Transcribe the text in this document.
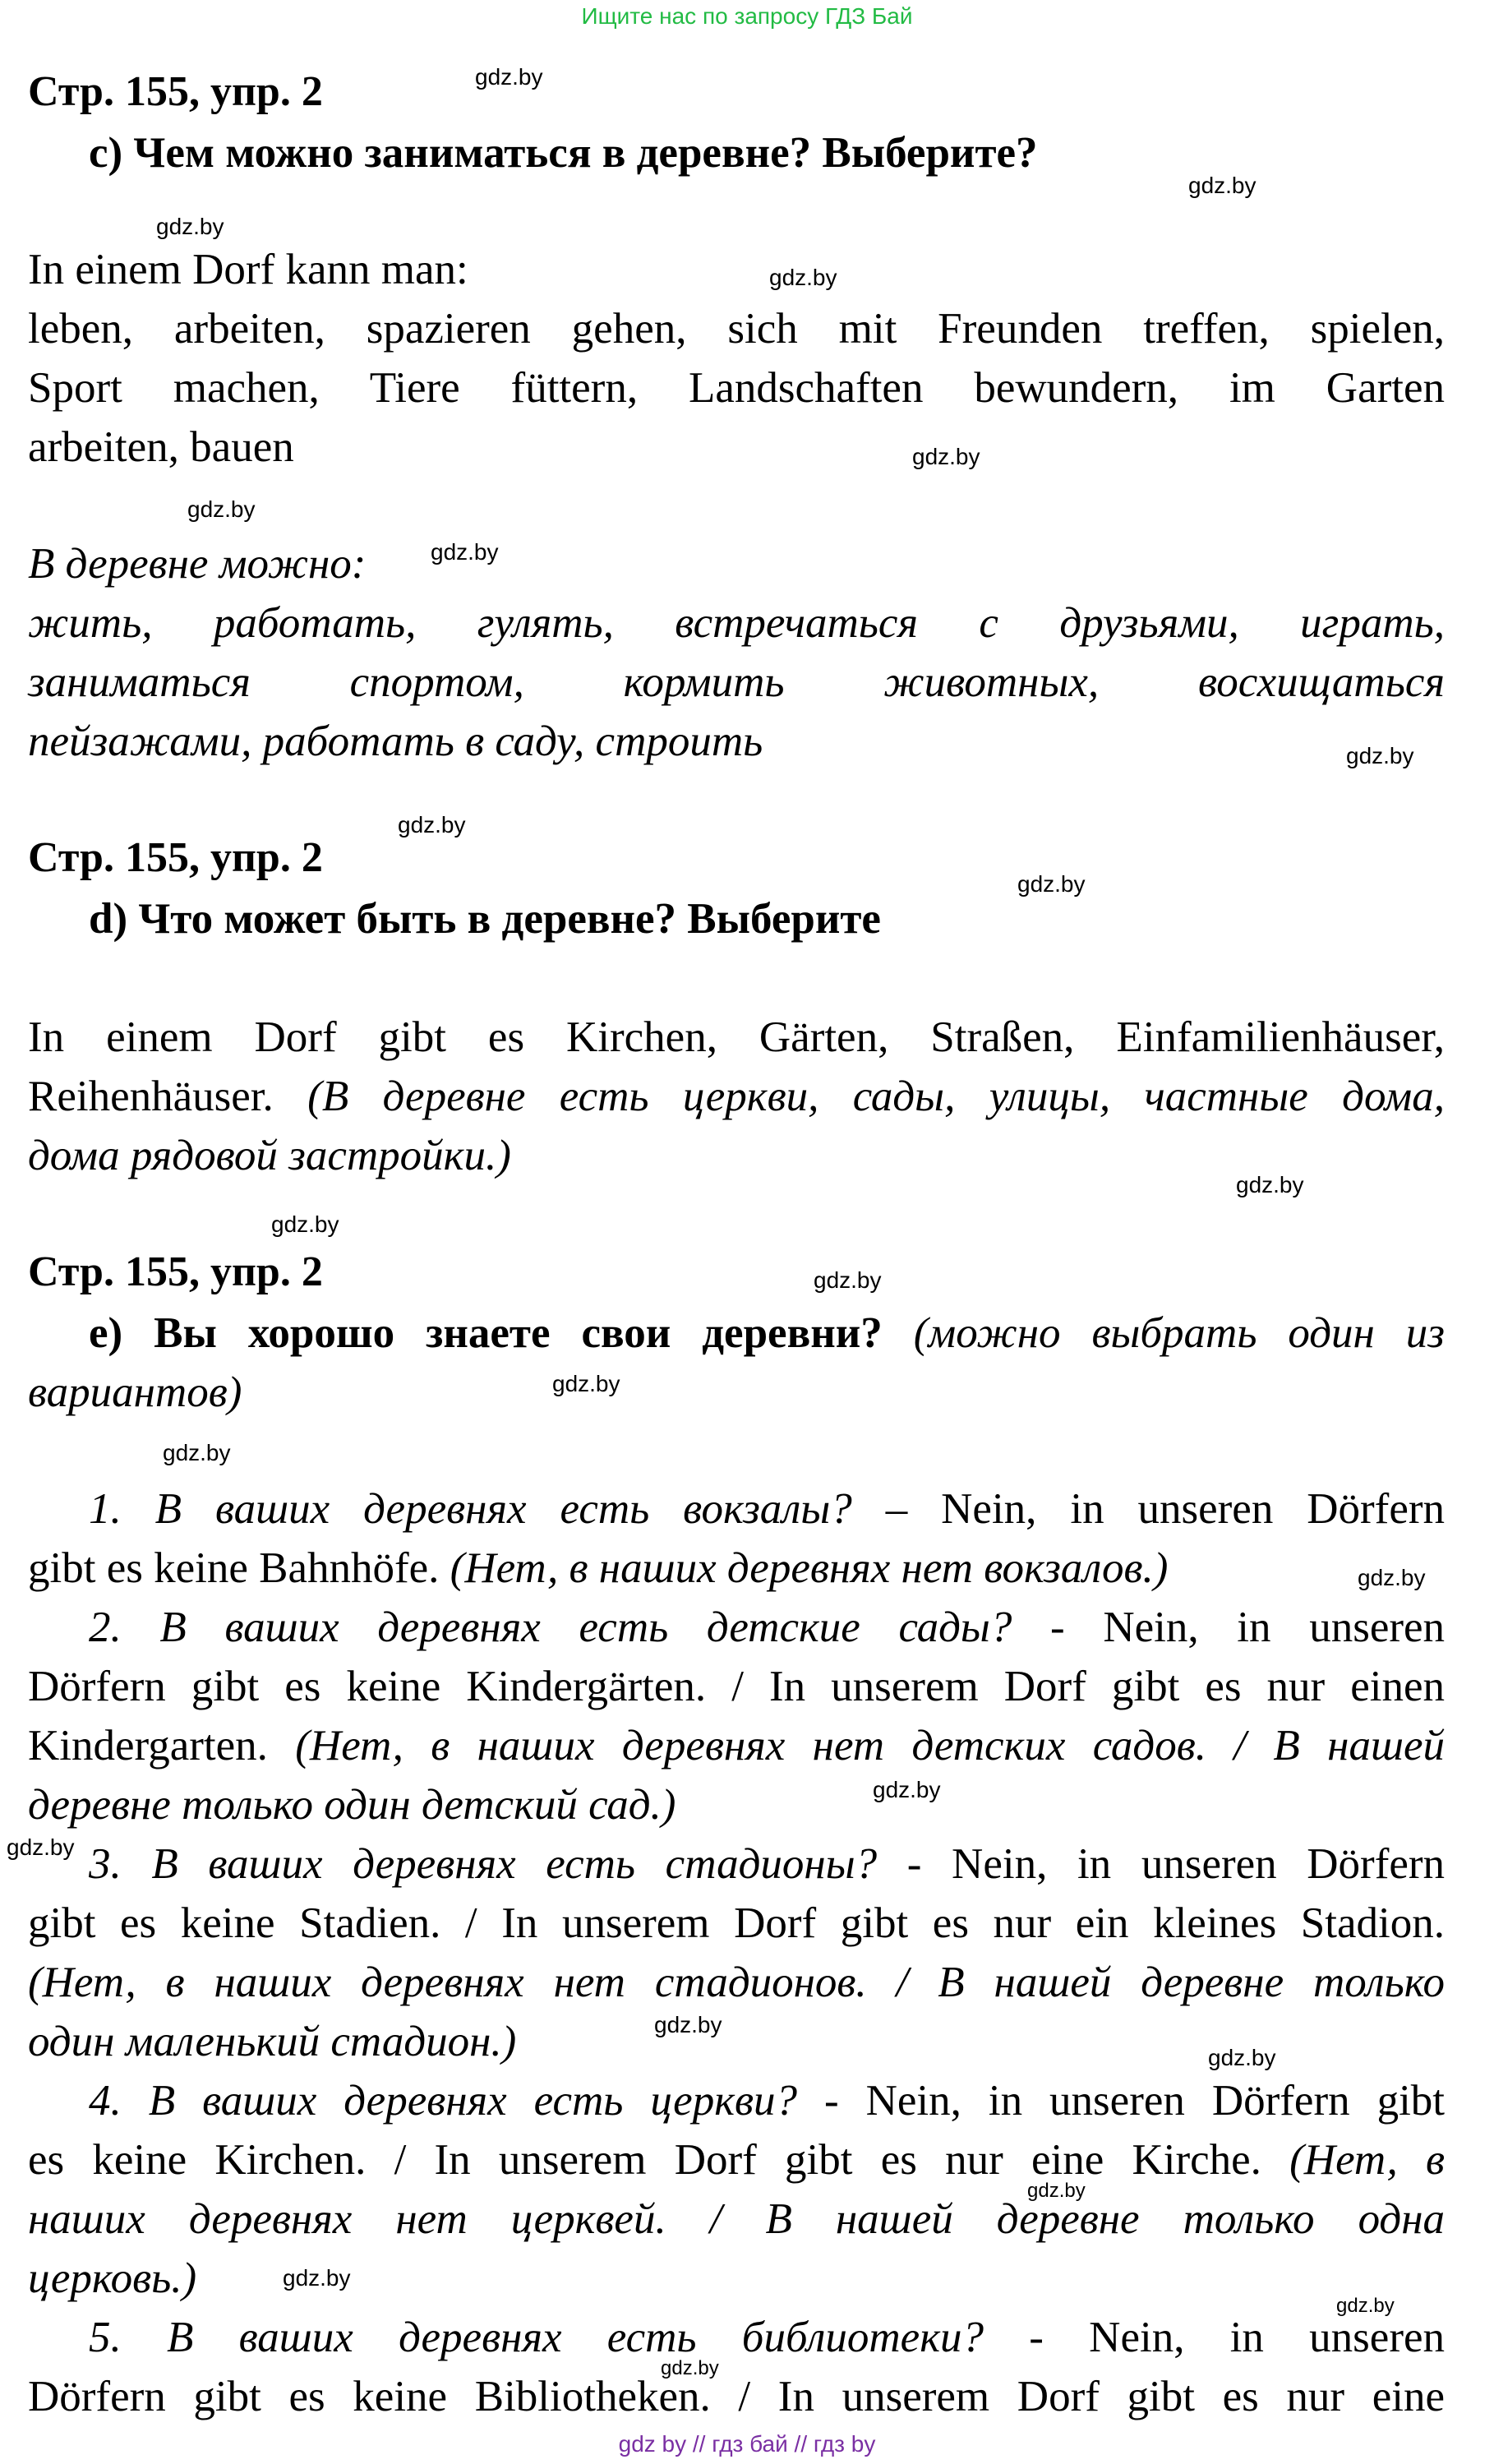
Ищите нас по запросу ГДЗ Бай
Стр. 155, упр. 2
c) Чем можно заниматься в деревне? Выберите?
In einem Dorf kann man:
leben, arbeiten, spazieren gehen, sich mit Freunden treffen, spielen,
Sport machen, Tiere füttern, Landschaften bewundern, im Garten
arbeiten, bauen
В деревне можно:
жить, работать, гулять, встречаться с друзьями, играть,
заниматься спортом, кормить животных, восхищаться
пейзажами, работать в саду, строить
Стр. 155, упр. 2
d) Что может быть в деревне? Выберите
In einem Dorf gibt es Kirchen, Gärten, Straßen, Einfamilienhäuser,
Reihenhäuser. (В деревне есть церкви, сады, улицы, частные дома,
дома рядовой застройки.)
Стр. 155, упр. 2
e) Вы хорошо знаете свои деревни? (можно выбрать один из
вариантов)
1. В ваших деревнях есть вокзалы? – Nein, in unseren Dörfern
gibt es keine Bahnhöfe. (Нет, в наших деревнях нет вокзалов.)
2. В ваших деревнях есть детские сады? - Nein, in unseren
Dörfern gibt es keine Kindergärten. / In unserem Dorf gibt es nur einen
Kindergarten. (Нет, в наших деревнях нет детских садов. / В нашей
деревне только один детский сад.)
3. В ваших деревнях есть стадионы? - Nein, in unseren Dörfern
gibt es keine Stadien. / In unserem Dorf gibt es nur ein kleines Stadion.
(Нет, в наших деревнях нет стадионов. / В нашей деревне только
один маленький стадион.)
4. В ваших деревнях есть церкви? - Nein, in unseren Dörfern gibt
es keine Kirchen. / In unserem Dorf gibt es nur eine Kirche. (Нет, в
наших деревнях нет церквей. / В нашей деревне только одна
церковь.)
5. В ваших деревнях есть библиотеки? - Nein, in unseren
Dörfern gibt es keine Bibliotheken. / In unserem Dorf gibt es nur eine
gdz.by
gdz.by
gdz.by
gdz.by
gdz.by
gdz.by
gdz.by
gdz.by
gdz.by
gdz.by
gdz.by
gdz.by
gdz.by
gdz.by
gdz.by
gdz.by
gdz.by
gdz.by
gdz.by
gdz.by
gdz.by
gdz.by
gdz.by
gdz.by
gdz by // гдз бай // гдз by
